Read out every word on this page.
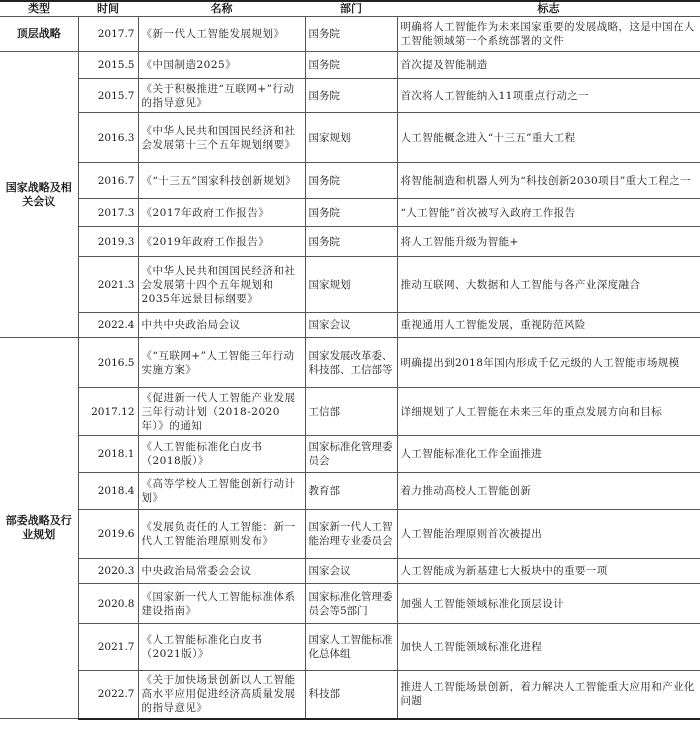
类型	时间	名称	部门	标志
顶层战略	2017.7	《新一代人工智能发展规划》	国务院	明确将人工智能作为未来国家重要的发展战略，这是中国在人工智能领域第一个系统部署的文件
国家战略及相关会议	2015.5	《中国制造2025》	国务院	首次提及智能制造
	2015.7	《关于积极推进“互联网+”行动的指导意见》	国务院	首次将人工智能纳入11项重点行动之一
	2016.3	《中华人民共和国国民经济和社会发展第十三个五年规划纲要》	国家规划	人工智能概念进入“十三五”重大工程
	2016.7	《“十三五”国家科技创新规划》	国务院	将智能制造和机器人列为“科技创新2030项目”重大工程之一
	2017.3	《2017年政府工作报告》	国务院	“人工智能”首次被写入政府工作报告
	2019.3	《2019年政府工作报告》	国务院	将人工智能升级为智能+
	2021.3	《中华人民共和国国民经济和社会发展第十四个五年规划和2035年远景目标纲要》	国家规划	推动互联网、大数据和人工智能与各产业深度融合
	2022.4	中共中央政治局会议	国家会议	重视通用人工智能发展，重视防范风险
部委战略及行业规划	2016.5	《“互联网+”人工智能三年行动实施方案》	国家发展改革委、科技部、工信部等	明确提出到2018年国内形成千亿元级的人工智能市场规模
	2017.12	《促进新一代人工智能产业发展三年行动计划（2018-2020年）》的通知	工信部	详细规划了人工智能在未来三年的重点发展方向和目标
	2018.1	《人工智能标准化白皮书（2018版）》	国家标准化管理委员会	人工智能标准化工作全面推进
	2018.4	《高等学校人工智能创新行动计划》	教育部	着力推动高校人工智能创新
	2019.6	《发展负责任的人工智能：新一代人工智能治理原则发布》	国家新一代人工智能治理专业委员会	人工智能治理原则首次被提出
	2020.3	中央政治局常委会会议	国家会议	人工智能成为新基建七大板块中的重要一项
	2020.8	《国家新一代人工智能标准体系建设指南》	国家标准化管理委员会等5部门	加强人工智能领域标准化顶层设计
	2021.7	《人工智能标准化白皮书（2021版）》	国家人工智能标准化总体组	加快人工智能领域标准化进程
	2022.7	《关于加快场景创新以人工智能高水平应用促进经济高质量发展的指导意见》	科技部	推进人工智能场景创新，着力解决人工智能重大应用和产业化问题
